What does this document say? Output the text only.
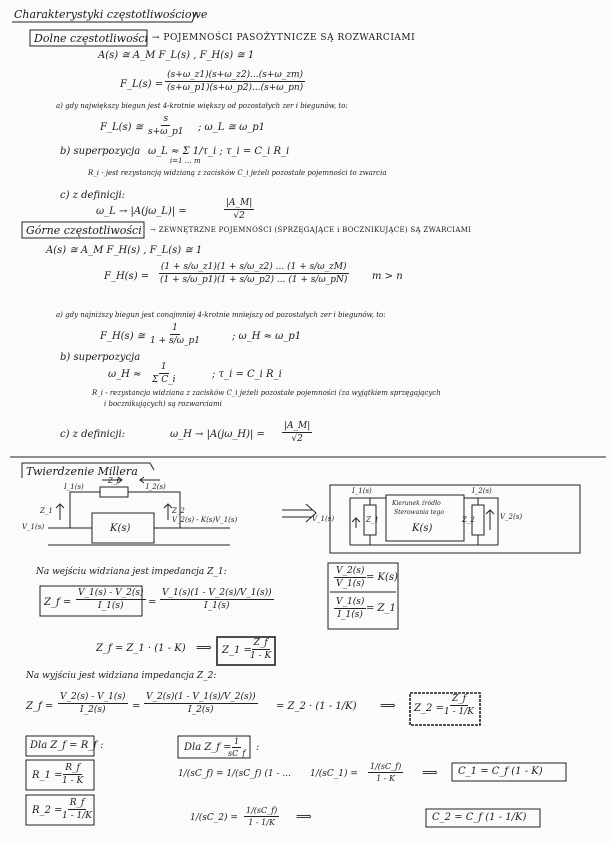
Charakterystyki częstotliwościowe
Dolne częstotliwości → POJEMNOŚCI PASOŻYTNICZE SĄ ROZWARCIAMI
A(s) ≅ A_M F_L(s) , F_H(s) ≅ 1
F_L(s) = $\frac{(s+\omega\_z1)(s+\omega\_z2)...(s+\omega\_zm)}{(s+\omega\_p1)(s+\omega\_p2)...(s+\omega\_pn)}$
a) gdy największy biegun jest 4-krotnie większy od pozostałych zer i biegunów, to:
F_L(s) ≅ $\frac{s}{s+\omega\_p1}$ ; ω_L ≅ ω_p1
b) superpozycja ω_L ≈ Σ 1/τ_i ; τ_i = C_i R_i
i=1 … m
R_i - jest rezystancją widzianą z zacisków C_i jeżeli pozostałe pojemności to zwarcia
c) z definicji:
ω_L → |A(jω_L)| =	$\frac{|A\_M|}{√2}$
Górne częstotliwości → ZEWNĘTRZNE POJEMNOŚCI (SPRZĘGAJĄCE i BOCZNIKUJĄCE) SĄ ZWARCIAMI
A(s) ≅ A_M F_H(s) , F_L(s) ≅ 1
F_H(s) = $\frac{(1 + s/\omega\_z1)(1 + s/\omega\_z2) ... (1 + s/\omega\_zM)}{(1 + s/\omega\_p1)(1 + s/\omega\_p2) ... (1 + s/\omega\_pN)}$ m > n
a) gdy najniższy biegun jest conajmniej 4-krotnie mniejszy od pozostałych zer i biegunów, to:
F_H(s) ≅ $\frac{1}{1 + s/\omega\_p1}$	; ω_H ≈ ω_p1
b) superpozycja
ω_H ≈ $\frac{1}{\text{Σ C\_i}}$	; τ_i = C_i R_i
R_i - rezystancja widziana z zacisków C_i jeżeli pozostałe pojemności (za wyjątkiem sprzęgających
i bocznikujących) są rozwarciami
c) z definicji:	ω_H → |A(jω_H)| = $\frac{|A\_M|}{√2}$
Twierdzenie Millera
I_1(s)
Z_f
I_2(s)
Z_1	Z_2
V_1(s)	K(s)
V_2(s) - K(s)V_1(s)
I_1(s)	I_2(s)
V_1(s)	Z_1	Z_2	V_2(s)
Kierunek źródło
Sterowania tego
K(s)
Na wejściu widziana jest impedancja Z_1:
Z_f = $\frac{V\_1(s) - V\_2(s)}{I\_1(s)} = \frac{V\_1(s)(1 - V\_2(s)/V\_1(s))}{I\_1(s)}$
$\frac{V\_2(s)}{V\_1(s)} = K(s)$
$\frac{V\_1(s)}{I\_1(s)}$ = Z_1
Z_f = Z_1 · (1 - K) ⟹ Z_1 =
$\frac{Z\_f}{1 - K}$
Na wyjściu jest widziana impedancja Z_2:
Z_f = $\frac{V\_2(s) - V\_1(s)}{I\_2(s)} = \frac{V\_2(s)(1 - V\_1(s)/V\_2(s))}{I\_2(s)}$ = Z_2 · (1 - 1/K) ⟹ Z_2 =
$\frac{Z\_f}{1 - 1/K}$
Dla Z_f = R_f :
R_1 =
$\frac{R\_f}{1 - K}$
R_2 =
$\frac{R\_f}{1 - 1/K}$
Dla Z_f =
$\frac{1}{sC\_f}$ :
1/(sC_f) = 1/(sC_f) (1 - ... 1/(sC_1) = $\frac{1/(sC\_f)}{1 - K}$ ⟹ C_1 = C_f (1 - K)
1/(sC_2) = $\frac{1/(sC\_f)}{1 - 1/K}$ ⟹	C_2 = C_f (1 - 1/K)
